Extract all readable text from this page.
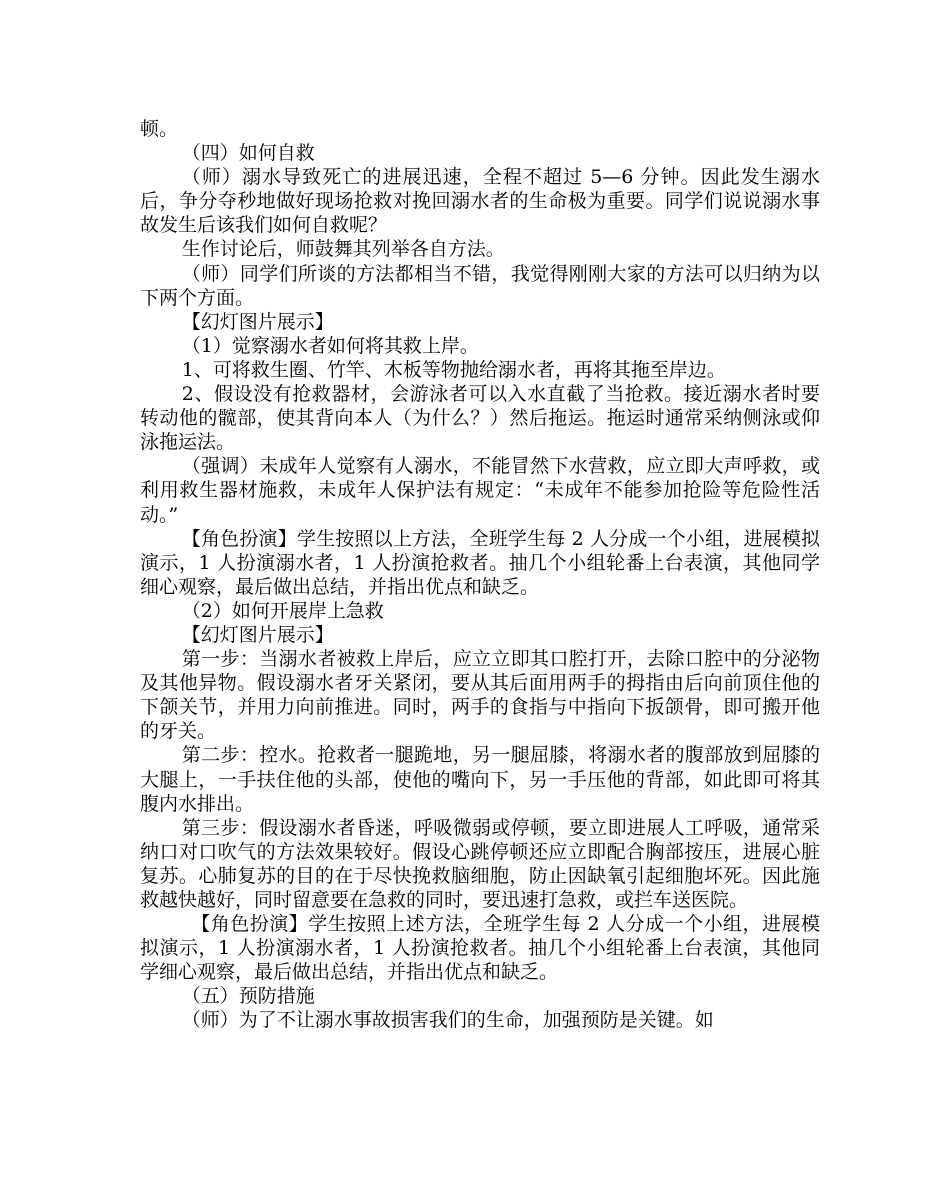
顿。

（四）如何自救

（师）溺水导致死亡的进展迅速，全程不超过 5—6 分钟。因此发生溺水后，争分夺秒地做好现场抢救对挽回溺水者的生命极为重要。同学们说说溺水事故发生后该我们如何自救呢？

生作讨论后，师鼓舞其列举各自方法。

（师）同学们所谈的方法都相当不错，我觉得刚刚大家的方法可以归纳为以下两个方面。

【幻灯图片展示】

（1）觉察溺水者如何将其救上岸。

1、可将救生圈、竹竿、木板等物抛给溺水者，再将其拖至岸边。

2、假设没有抢救器材，会游泳者可以入水直截了当抢救。接近溺水者时要转动他的髋部，使其背向本人（为什么？）然后拖运。拖运时通常采纳侧泳或仰泳拖运法。

（强调）未成年人觉察有人溺水，不能冒然下水营救，应立即大声呼救，或利用救生器材施救，未成年人保护法有规定：“未成年不能参加抢险等危险性活动。”

【角色扮演】学生按照以上方法，全班学生每 2 人分成一个小组，进展模拟演示，1 人扮演溺水者，1 人扮演抢救者。抽几个小组轮番上台表演，其他同学细心观察，最后做出总结，并指出优点和缺乏。

（2）如何开展岸上急救

【幻灯图片展示】

第一步：当溺水者被救上岸后，应立立即其口腔打开，去除口腔中的分泌物及其他异物。假设溺水者牙关紧闭，要从其后面用两手的拇指由后向前顶住他的下颌关节，并用力向前推进。同时，两手的食指与中指向下扳颌骨，即可搬开他的牙关。

第二步：控水。抢救者一腿跪地，另一腿屈膝，将溺水者的腹部放到屈膝的大腿上，一手扶住他的头部，使他的嘴向下，另一手压他的背部，如此即可将其腹内水排出。

第三步：假设溺水者昏迷，呼吸微弱或停顿，要立即进展人工呼吸，通常采纳口对口吹气的方法效果较好。假设心跳停顿还应立即配合胸部按压，进展心脏复苏。心肺复苏的目的在于尽快挽救脑细胞，防止因缺氧引起细胞坏死。因此施救越快越好，同时留意要在急救的同时，要迅速打急救，或拦车送医院。

【角色扮演】学生按照上述方法，全班学生每 2 人分成一个小组，进展模拟演示，1 人扮演溺水者，1 人扮演抢救者。抽几个小组轮番上台表演，其他同学细心观察，最后做出总结，并指出优点和缺乏。

（五）预防措施

（师）为了不让溺水事故损害我们的生命，加强预防是关键。如
